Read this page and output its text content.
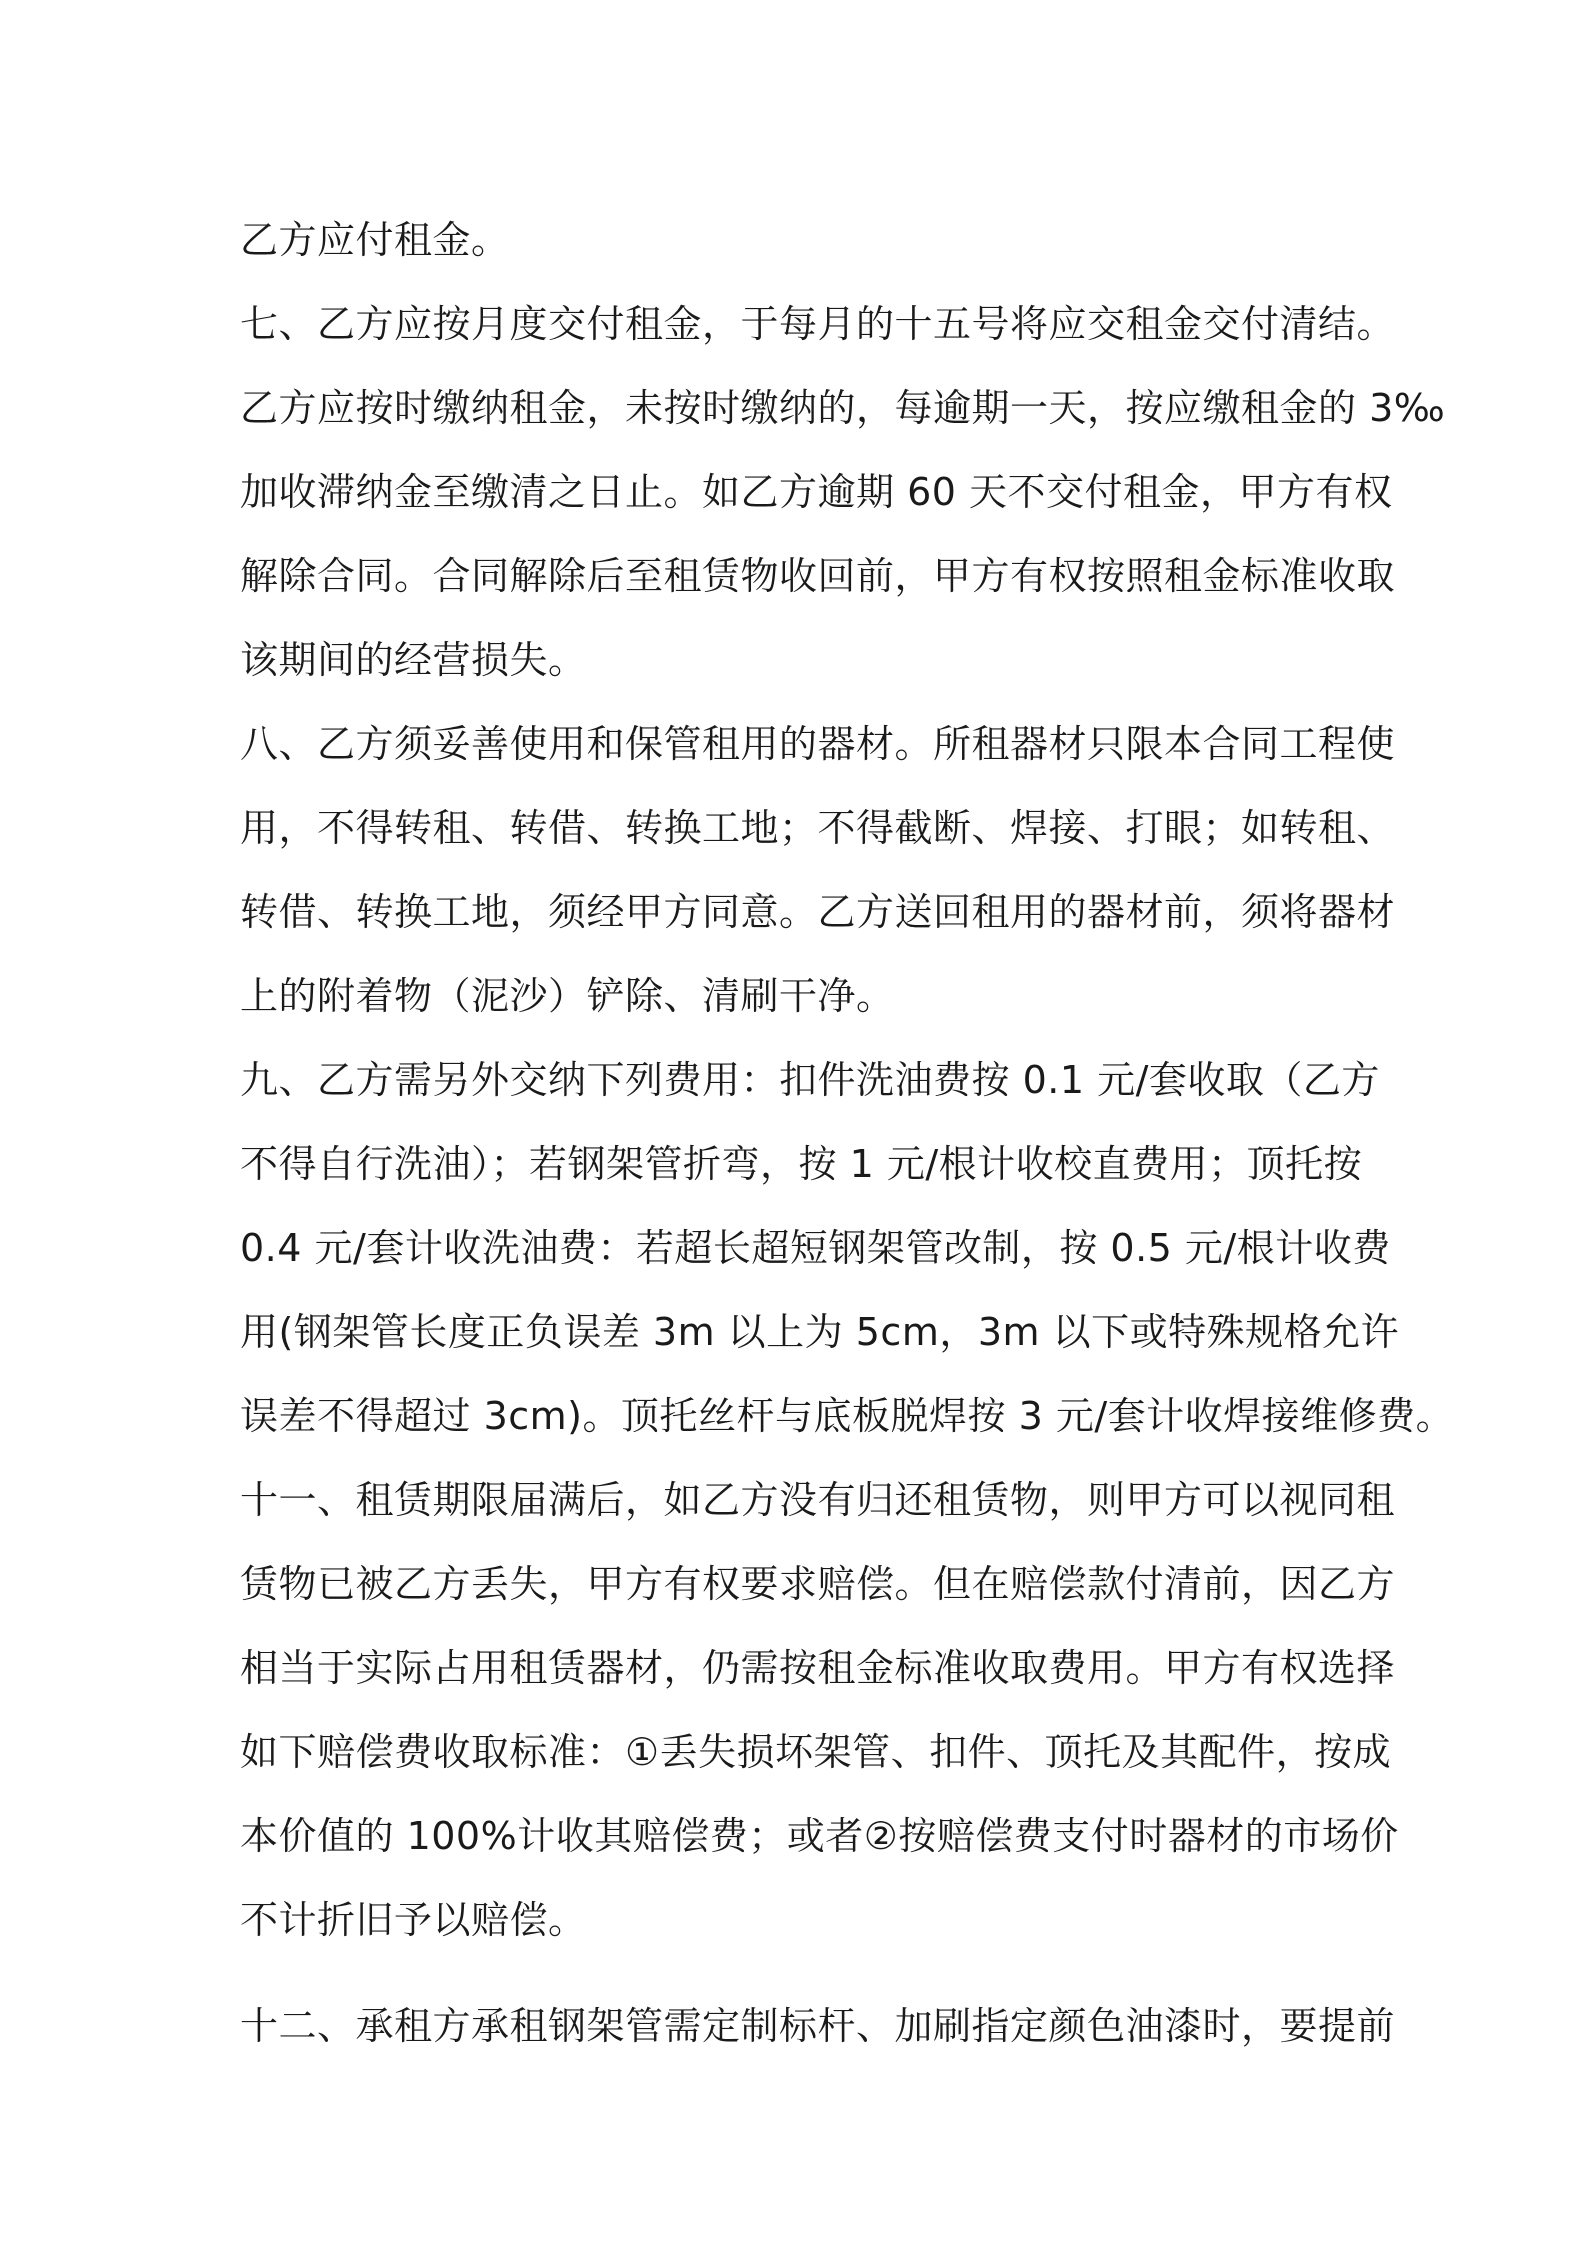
乙方应付租金。
七、乙方应按月度交付租金，于每月的十五号将应交租金交付清结。
乙方应按时缴纳租金，未按时缴纳的，每逾期一天，按应缴租金的 3‰
加收滞纳金至缴清之日止。如乙方逾期 60 天不交付租金，甲方有权
解除合同。合同解除后至租赁物收回前，甲方有权按照租金标准收取
该期间的经营损失。
八、乙方须妥善使用和保管租用的器材。所租器材只限本合同工程使
用，不得转租、转借、转换工地；不得截断、焊接、打眼；如转租、
转借、转换工地，须经甲方同意。乙方送回租用的器材前，须将器材
上的附着物（泥沙）铲除、清刷干净。
九、乙方需另外交纳下列费用：扣件洗油费按 0.1 元/套收取（乙方
不得自行洗油）；若钢架管折弯，按 1 元/根计收校直费用；顶托按
0.4 元/套计收洗油费：若超长超短钢架管改制，按 0.5 元/根计收费
用(钢架管长度正负误差 3m 以上为 5cm，3m 以下或特殊规格允许
误差不得超过 3cm)。顶托丝杆与底板脱焊按 3 元/套计收焊接维修费。
十一、租赁期限届满后，如乙方没有归还租赁物，则甲方可以视同租
赁物已被乙方丢失，甲方有权要求赔偿。但在赔偿款付清前，因乙方
相当于实际占用租赁器材，仍需按租金标准收取费用。甲方有权选择
如下赔偿费收取标准：①丢失损坏架管、扣件、顶托及其配件，按成
本价值的 100%计收其赔偿费；或者②按赔偿费支付时器材的市场价
不计折旧予以赔偿。
十二、承租方承租钢架管需定制标杆、加刷指定颜色油漆时，要提前
